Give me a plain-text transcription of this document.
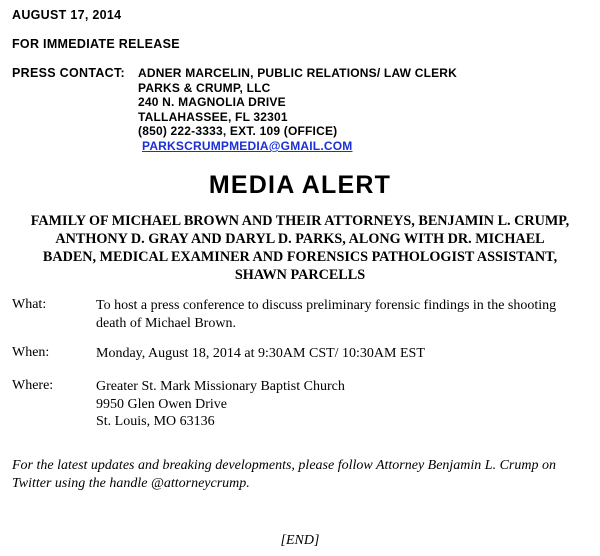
AUGUST 17, 2014
FOR IMMEDIATE RELEASE
PRESS CONTACT: ADNER MARCELIN, PUBLIC RELATIONS/ LAW CLERK
PARKS & CRUMP, LLC
240 N. MAGNOLIA DRIVE
TALLAHASSEE, FL 32301
(850) 222-3333, EXT. 109 (OFFICE)
PARKSCRUMPMEDIA@GMAIL.COM
MEDIA ALERT
FAMILY OF MICHAEL BROWN AND THEIR ATTORNEYS, BENJAMIN L. CRUMP, ANTHONY D. GRAY AND DARYL D. PARKS, ALONG WITH DR. MICHAEL BADEN, MEDICAL EXAMINER AND FORENSICS PATHOLOGIST ASSISTANT, SHAWN PARCELLS
What:	To host a press conference to discuss preliminary forensic findings in the shooting death of Michael Brown.
When:	Monday, August 18, 2014 at 9:30AM CST/ 10:30AM EST
Where:	Greater St. Mark Missionary Baptist Church
9950 Glen Owen Drive
St. Louis, MO 63136
For the latest updates and breaking developments, please follow Attorney Benjamin L. Crump on Twitter using the handle @attorneycrump.
[END]
